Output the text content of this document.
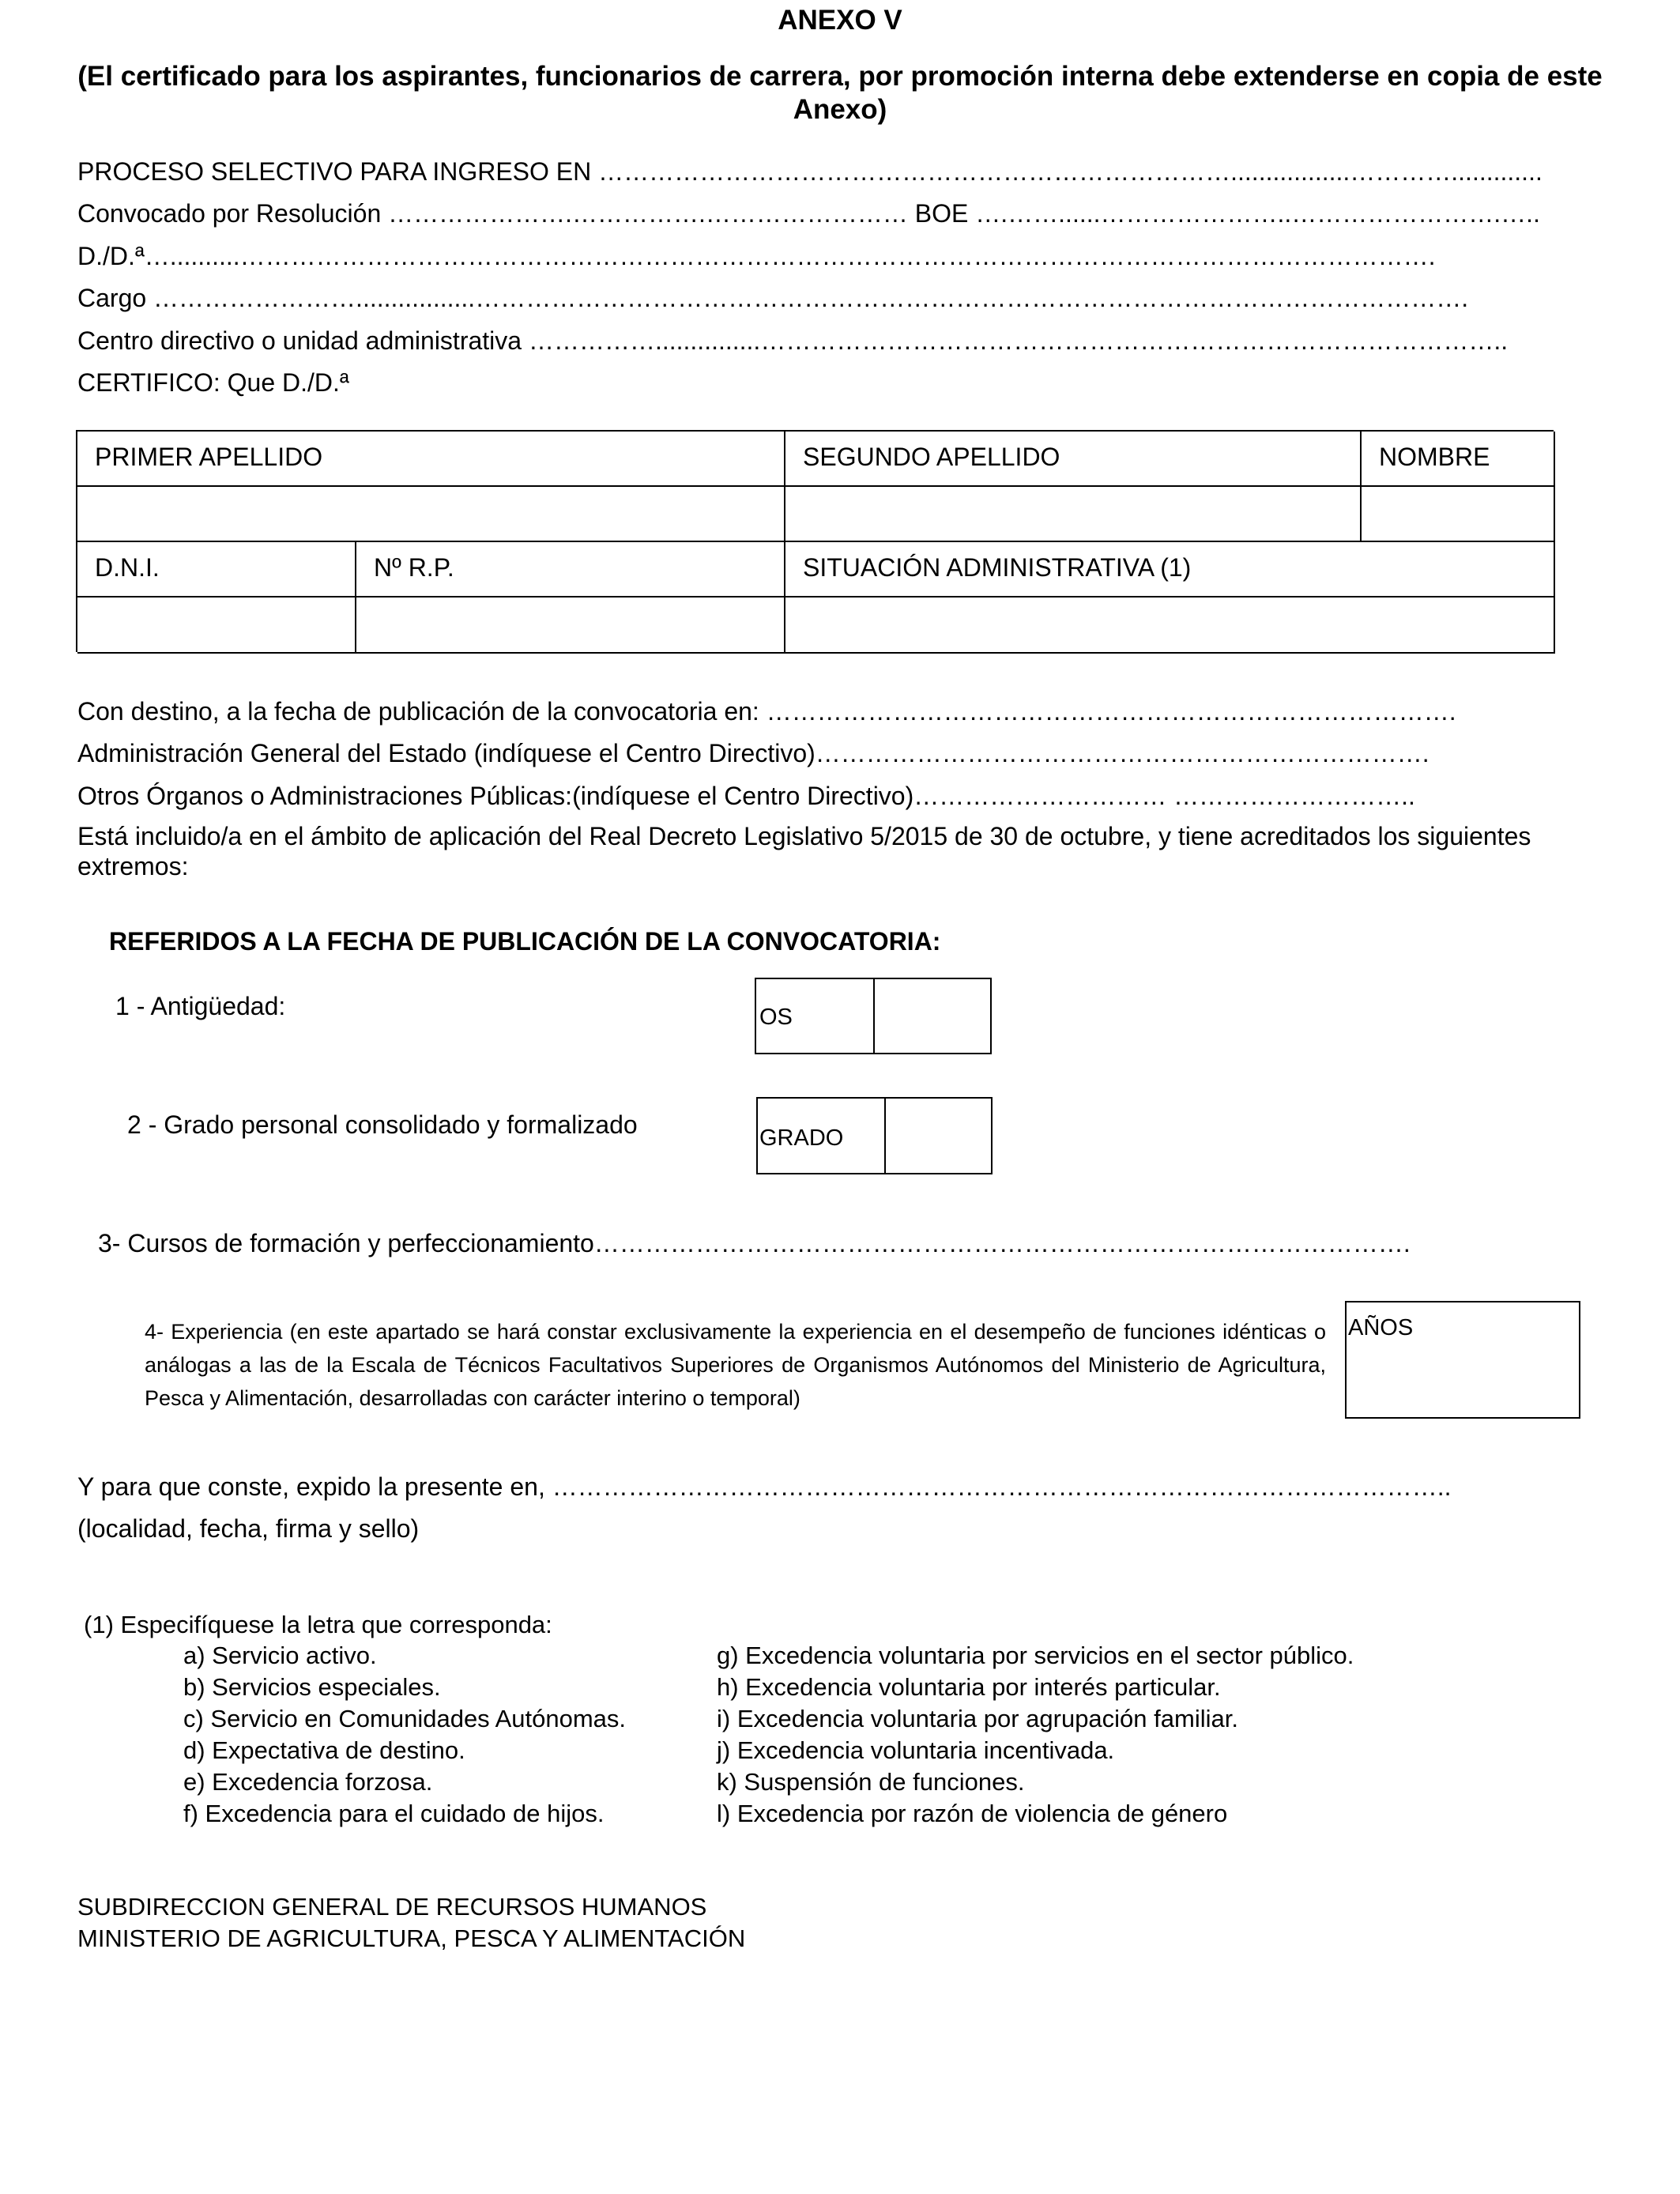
ANEXO V
(El certificado para los aspirantes, funcionarios de carrera, por promoción interna debe extenderse en copia de este Anexo)
PROCESO SELECTIVO PARA INGRESO EN ………………………………………………………………….................………….............
Convocado por Resolución ………………….…………….…………………… BOE ….……......…………………..…………………….…..
D./D.ª…..........…………………………………………………………………………………………………………………………….
Cargo …………………….................……………………………………………………………………………………………………….
Centro directivo o unidad administrativa ……………...............……………………………………………………………………………..
CERTIFICO: Que D./D.ª
PRIMER APELLIDO	SEGUNDO APELLIDO	NOMBRE
D.N.I.	Nº R.P.	SITUACIÓN ADMINISTRATIVA (1)
Con destino, a la fecha de publicación de la convocatoria en: ……………………………………………………………………….
Administración General del Estado (indíquese el Centro Directivo)……………………………………………………………….
Otros Órganos o Administraciones Públicas:(indíquese el Centro Directivo)………………………… ………………………..
Está incluido/a en el ámbito de aplicación del Real Decreto Legislativo 5/2015 de 30 de octubre, y tiene acreditados los siguientes extremos:
REFERIDOS A LA FECHA DE PUBLICACIÓN DE LA CONVOCATORIA:
1 - Antigüedad:	OS
2 - Grado personal consolidado y formalizado	GRADO
3- Cursos de formación y perfeccionamiento…………………………………………………………………………………….
4- Experiencia (en este apartado se hará constar exclusivamente la experiencia en el desempeño de funciones idénticas o análogas a las de la Escala de Técnicos Facultativos Superiores de Organismos Autónomos del Ministerio de Agricultura, Pesca y Alimentación, desarrolladas con carácter interino o temporal)
AÑOS
Y para que conste, expido la presente en, ……………………………………………………………………………………………..
(localidad, fecha, firma y sello)
(1) Especifíquese la letra que corresponda:
a) Servicio activo.
b) Servicios especiales.
c) Servicio en Comunidades Autónomas.
d) Expectativa de destino.
e) Excedencia forzosa.
f) Excedencia para el cuidado de hijos.
g) Excedencia voluntaria por servicios en el sector público.
h) Excedencia voluntaria por interés particular.
i) Excedencia voluntaria por agrupación familiar.
j) Excedencia voluntaria incentivada.
k) Suspensión de funciones.
l) Excedencia por razón de violencia de género
SUBDIRECCION GENERAL DE RECURSOS HUMANOS
MINISTERIO DE AGRICULTURA, PESCA Y ALIMENTACIÓN
